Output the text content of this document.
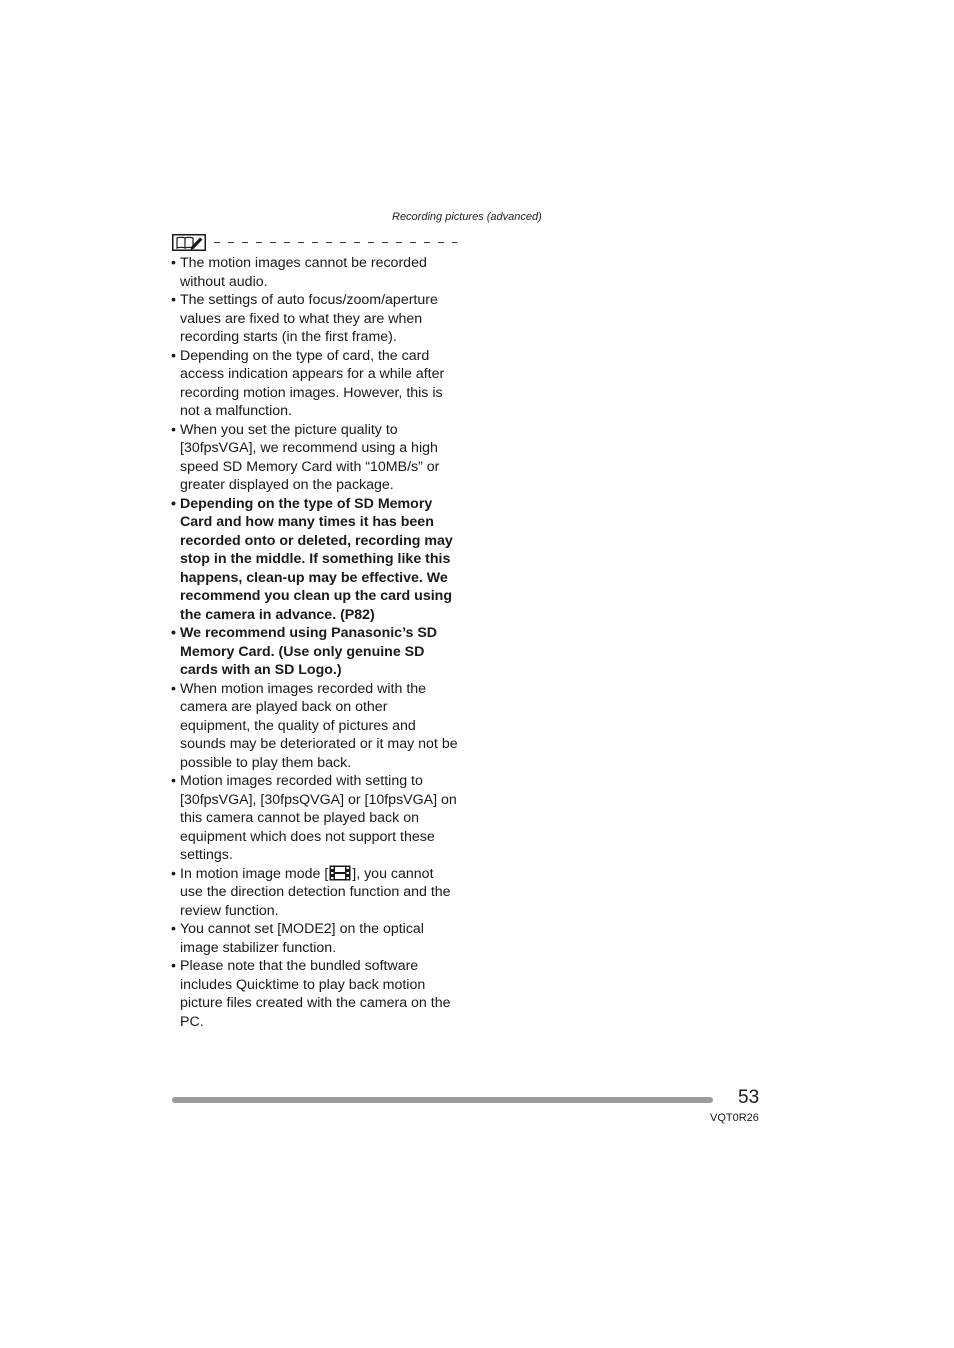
Recording pictures (advanced)
• The motion images cannot be recorded without audio.
• The settings of auto focus/zoom/aperture values are fixed to what they are when recording starts (in the first frame).
• Depending on the type of card, the card access indication appears for a while after recording motion images. However, this is not a malfunction.
• When you set the picture quality to [30fpsVGA], we recommend using a high speed SD Memory Card with “10MB/s” or greater displayed on the package.
• Depending on the type of SD Memory Card and how many times it has been recorded onto or deleted, recording may stop in the middle. If something like this happens, clean-up may be effective. We recommend you clean up the card using the camera in advance. (P82)
• We recommend using Panasonic’s SD Memory Card. (Use only genuine SD cards with an SD Logo.)
• When motion images recorded with the camera are played back on other equipment, the quality of pictures and sounds may be deteriorated or it may not be possible to play them back.
• Motion images recorded with setting to [30fpsVGA], [30fpsQVGA] or [10fpsVGA] on this camera cannot be played back on equipment which does not support these settings.
• In motion image mode [ ], you cannot use the direction detection function and the review function.
• You cannot set [MODE2] on the optical image stabilizer function.
• Please note that the bundled software includes Quicktime to play back motion picture files created with the camera on the PC.
53
VQT0R26
